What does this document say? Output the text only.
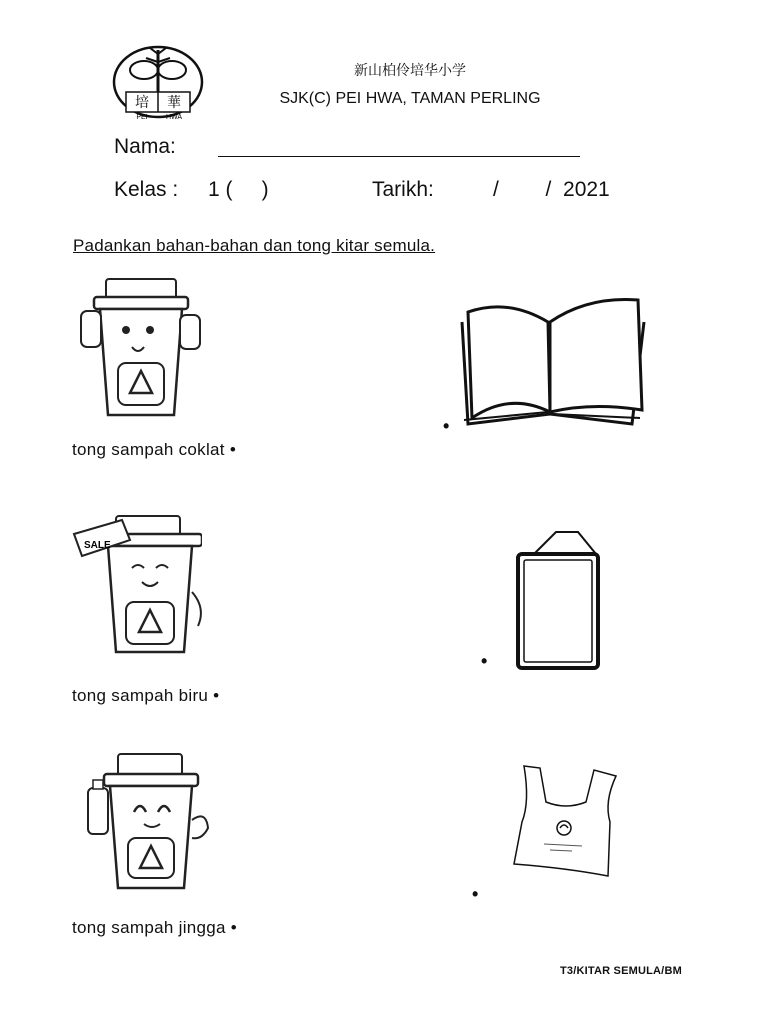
培 華
PEI	HWA
新山柏伶培华小学
SJK(C) PEI HWA, TAMAN PERLING
Nama:
Kelas : 1 (     )	Tarikh:	/        /  2021
Padankan bahan-bahan dan tong kitar semula.
tong sampah coklat •
SALE
tong sampah biru •
tong sampah jingga •
•
•
•
T3/KITAR SEMULA/BM
